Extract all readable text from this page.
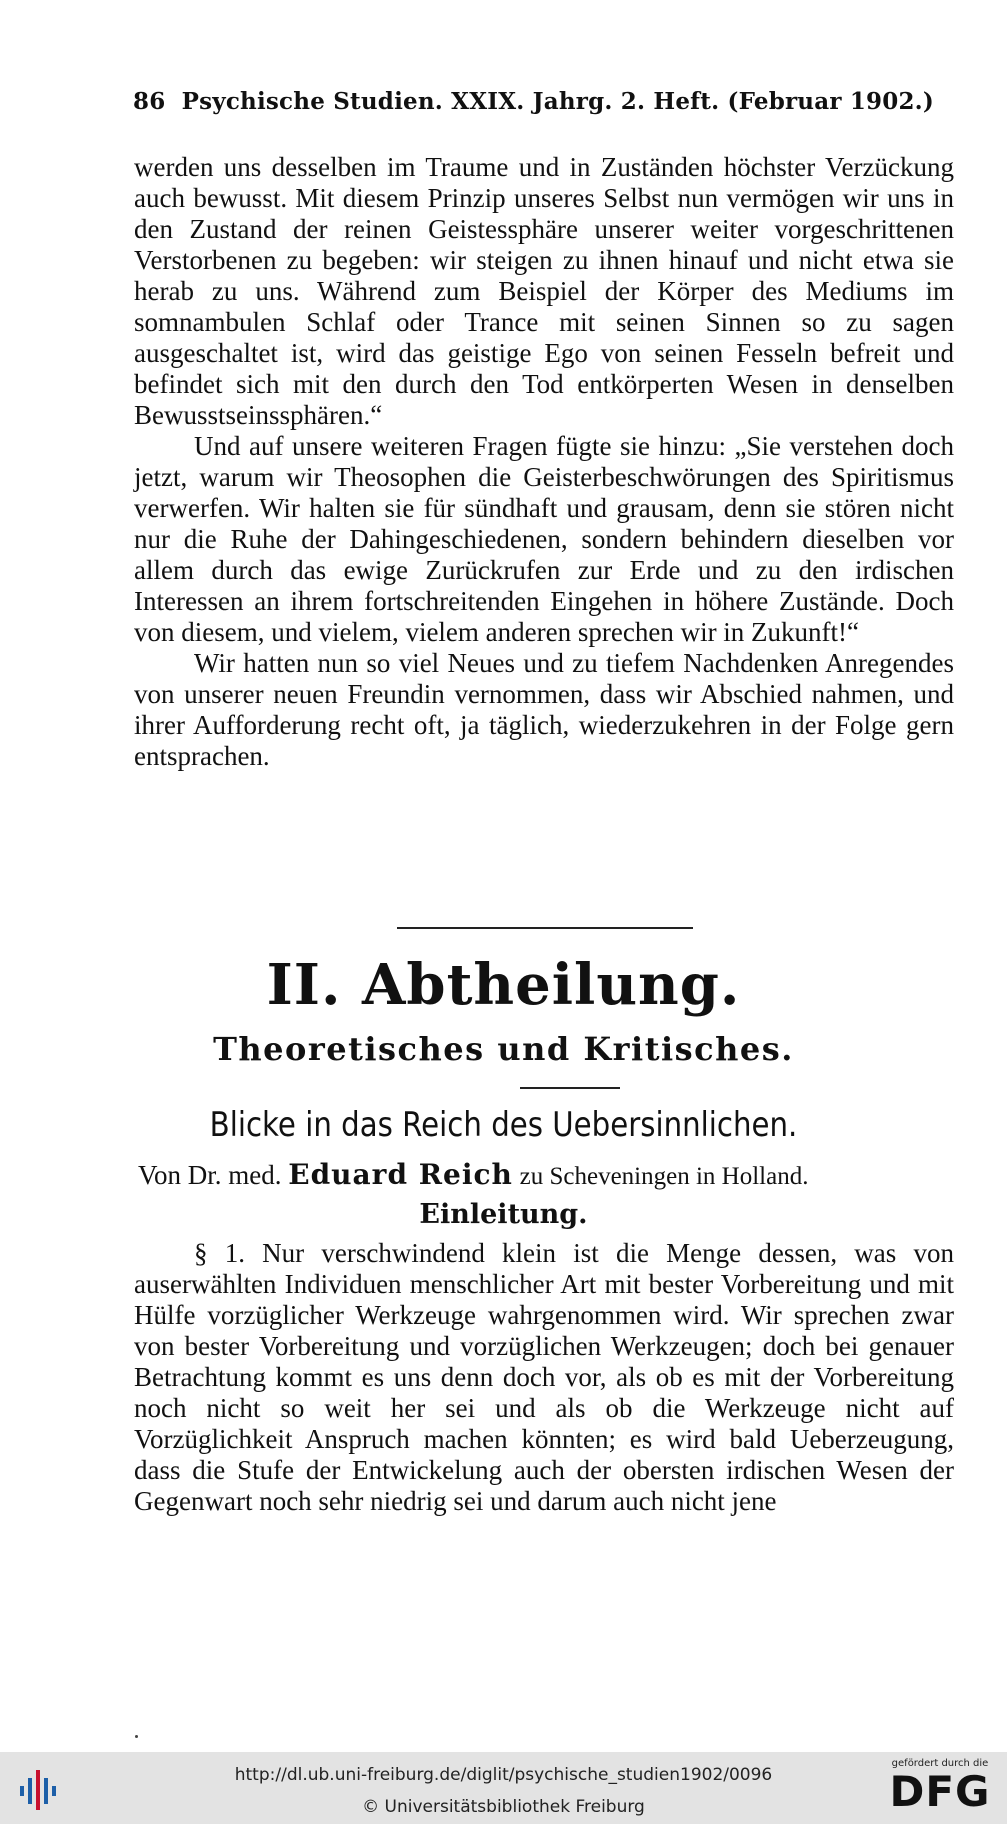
86 Psychische Studien. XXIX. Jahrg. 2. Heft. (Februar 1902.)

werden uns desselben im Traume und in Zuständen höchster Verzückung auch bewusst. Mit diesem Prinzip unseres Selbst nun vermögen wir uns in den Zustand der reinen Geistessphäre unserer weiter vorgeschrittenen Verstorbenen zu begeben: wir steigen zu ihnen hinauf und nicht etwa sie herab zu uns. Während zum Beispiel der Körper des Mediums im somnambulen Schlaf oder Trance mit seinen Sinnen so zu sagen ausgeschaltet ist, wird das geistige Ego von seinen Fesseln befreit und befindet sich mit den durch den Tod entkörperten Wesen in denselben Bewusstseinssphären.“

Und auf unsere weiteren Fragen fügte sie hinzu: „Sie verstehen doch jetzt, warum wir Theosophen die Geisterbeschwörungen des Spiritismus verwerfen. Wir halten sie für sündhaft und grausam, denn sie stören nicht nur die Ruhe der Dahingeschiedenen, sondern behindern dieselben vor allem durch das ewige Zurückrufen zur Erde und zu den irdischen Interessen an ihrem fortschreitenden Eingehen in höhere Zustände. Doch von diesem, und vielem, vielem anderen sprechen wir in Zukunft!“

Wir hatten nun so viel Neues und zu tiefem Nachdenken Anregendes von unserer neuen Freundin vernommen, dass wir Abschied nahmen, und ihrer Aufforderung recht oft, ja täglich, wiederzukehren in der Folge gern entsprachen.

II. Abtheilung.
Theoretisches und Kritisches.
Blicke in das Reich des Uebersinnlichen.
Von Dr. med. Eduard Reich zu Scheveningen in Holland.
Einleitung.

§ 1. Nur verschwindend klein ist die Menge dessen, was von auserwählten Individuen menschlicher Art mit bester Vorbereitung und mit Hülfe vorzüglicher Werkzeuge wahrgenommen wird. Wir sprechen zwar von bester Vorbereitung und vorzüglichen Werkzeugen; doch bei genauer Betrachtung kommt es uns denn doch vor, als ob es mit der Vorbereitung noch nicht so weit her sei und als ob die Werkzeuge nicht auf Vorzüglichkeit Anspruch machen könnten; es wird bald Ueberzeugung, dass die Stufe der Entwickelung auch der obersten irdischen Wesen der Gegenwart noch sehr niedrig sei und darum auch nicht jene

http://dl.ub.uni-freiburg.de/diglit/psychische_studien1902/0096
© Universitätsbibliothek Freiburg
gefördert durch die
DFG
